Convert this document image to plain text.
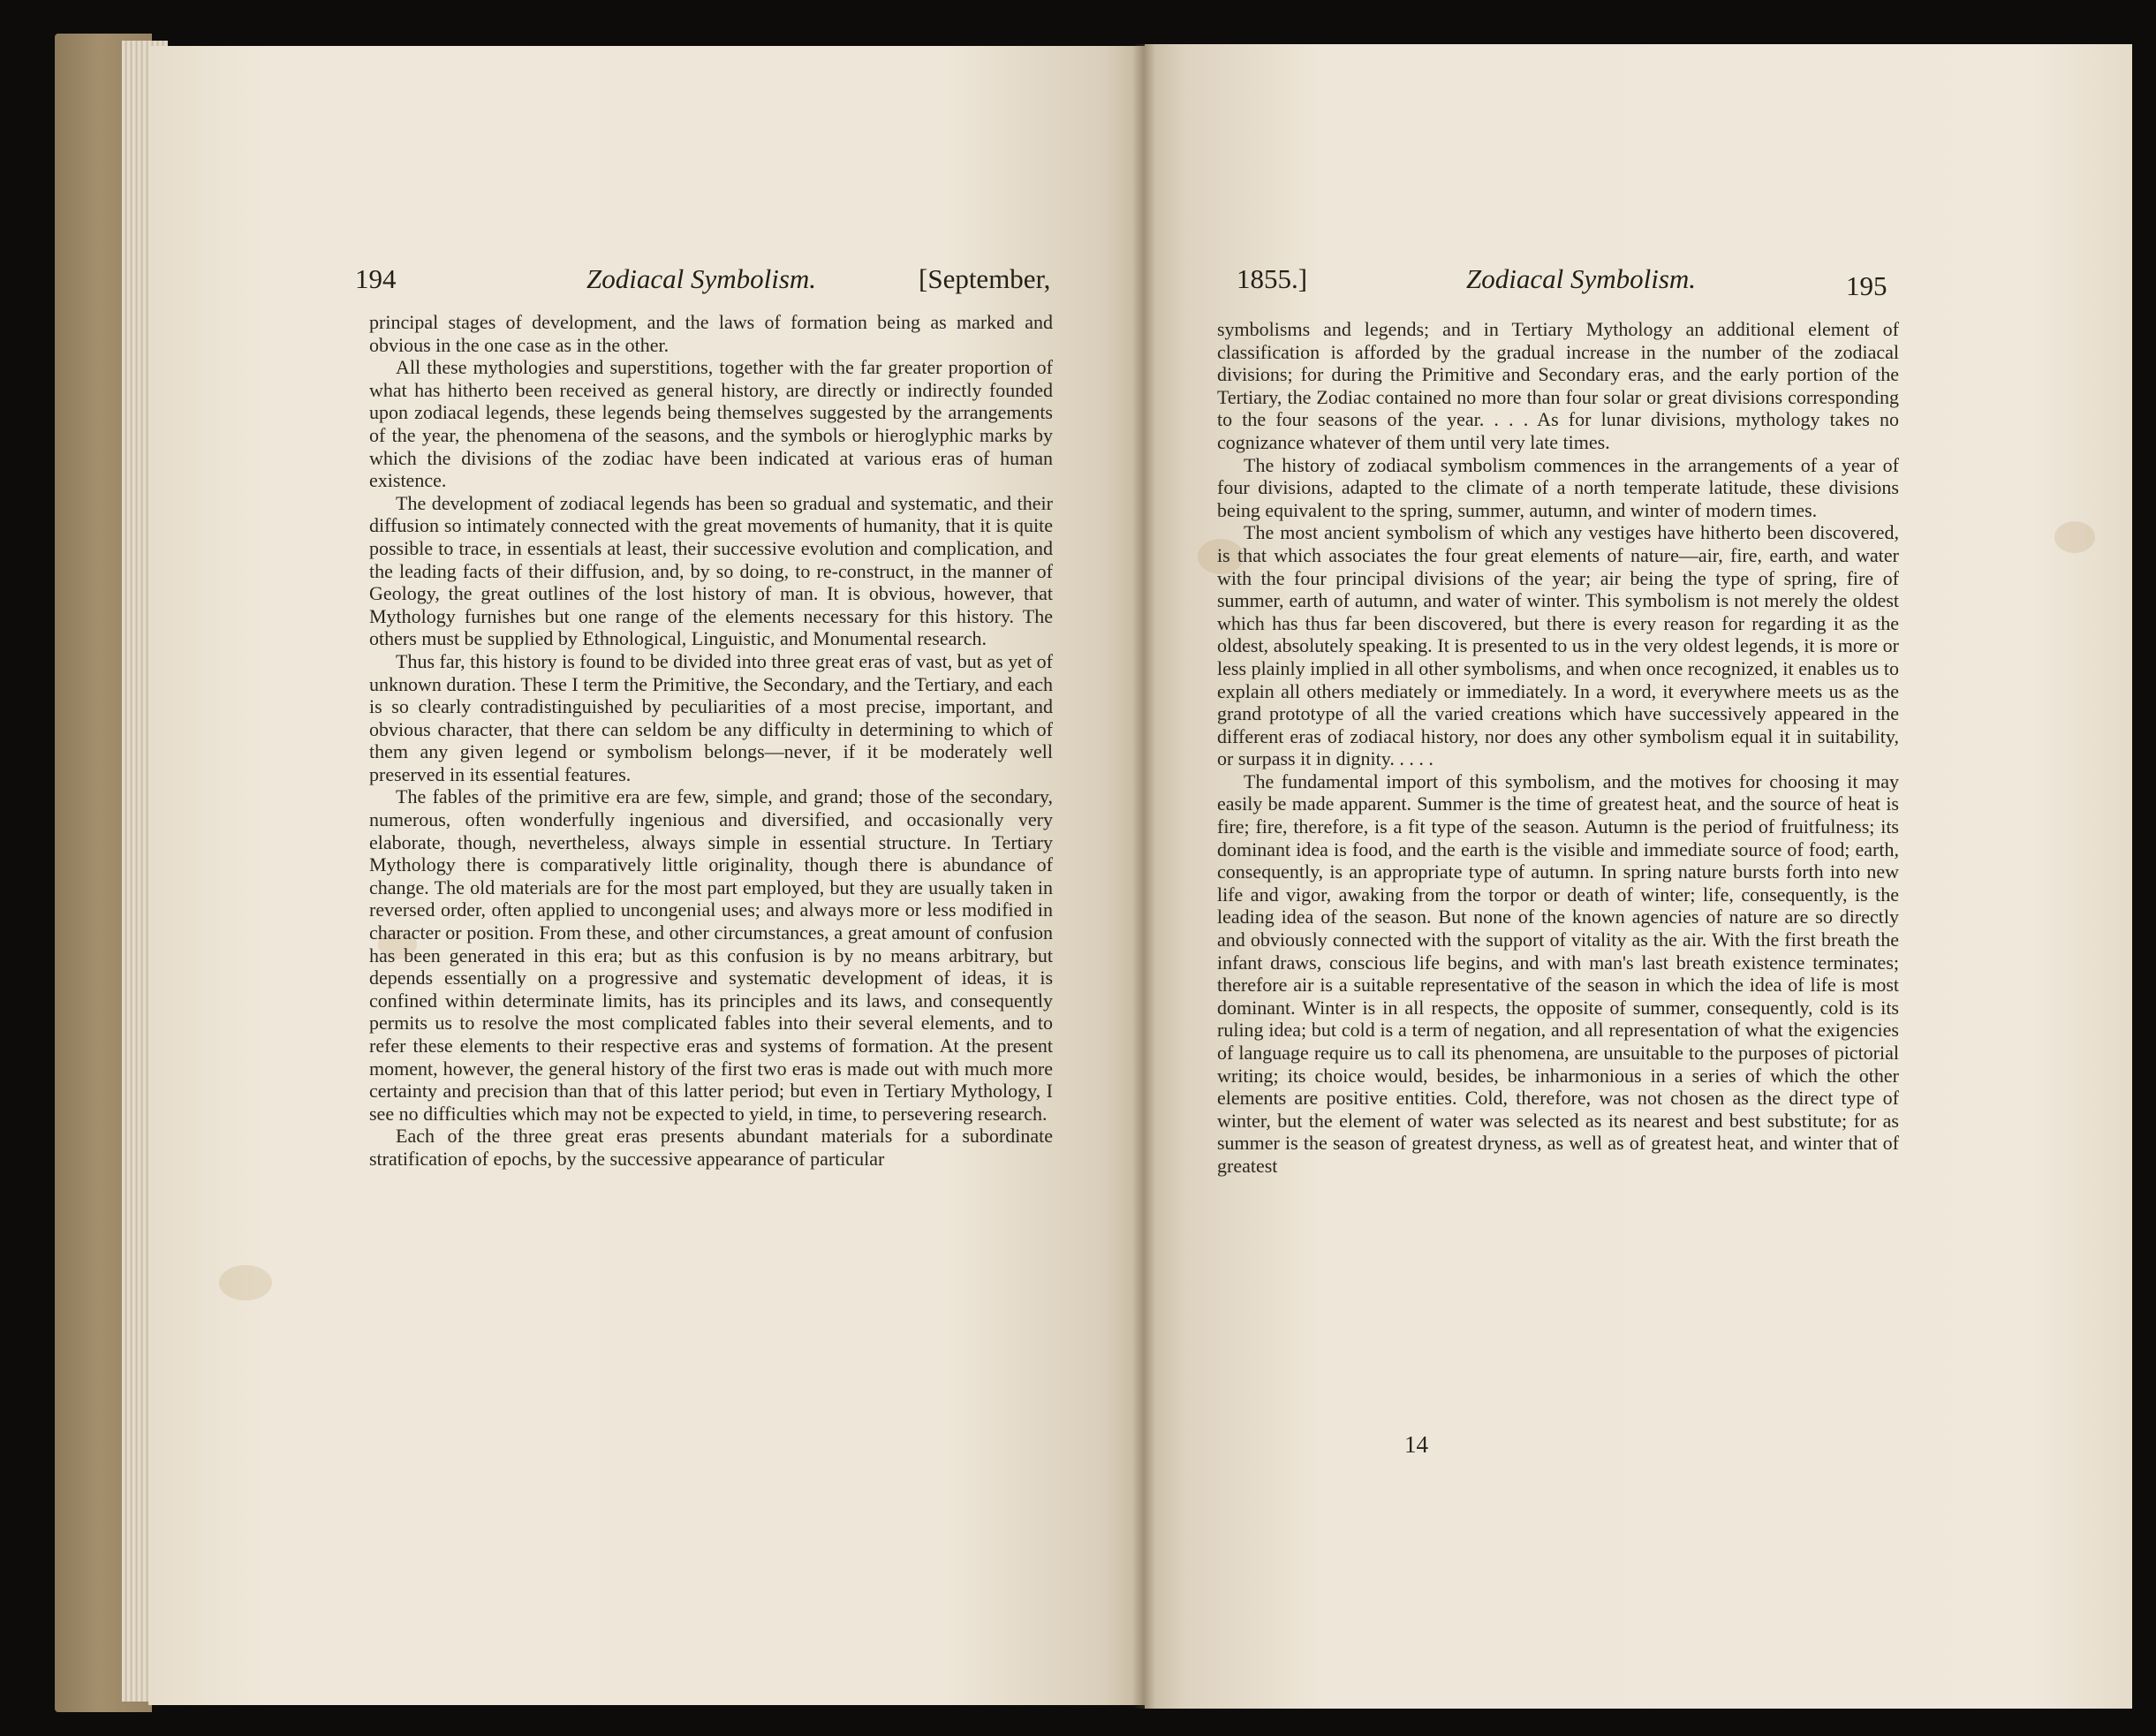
194	Zodiacal Symbolism.	[September,

principal stages of development, and the laws of formation being as marked and obvious in the one case as in the other.

All these mythologies and superstitions, together with the far greater proportion of what has hitherto been received as general history, are directly or indirectly founded upon zodiacal legends, these legends being themselves suggested by the arrangements of the year, the phenomena of the seasons, and the symbols or hieroglyphic marks by which the divisions of the zodiac have been indicated at various eras of human existence.

The development of zodiacal legends has been so gradual and systematic, and their diffusion so intimately connected with the great movements of humanity, that it is quite possible to trace, in essentials at least, their successive evolution and complication, and the leading facts of their diffusion, and, by so doing, to re-construct, in the manner of Geology, the great outlines of the lost history of man. It is obvious, however, that Mythology furnishes but one range of the elements necessary for this history. The others must be supplied by Ethnological, Linguistic, and Monumental research.

Thus far, this history is found to be divided into three great eras of vast, but as yet of unknown duration. These I term the Primitive, the Secondary, and the Tertiary, and each is so clearly contradistinguished by peculiarities of a most precise, important, and obvious character, that there can seldom be any difficulty in determining to which of them any given legend or symbolism belongs—never, if it be moderately well preserved in its essential features.

The fables of the primitive era are few, simple, and grand; those of the secondary, numerous, often wonderfully ingenious and diversified, and occasionally very elaborate, though, nevertheless, always simple in essential structure. In Tertiary Mythology there is comparatively little originality, though there is abundance of change. The old materials are for the most part employed, but they are usually taken in reversed order, often applied to uncongenial uses; and always more or less modified in character or position. From these, and other circumstances, a great amount of confusion has been generated in this era; but as this confusion is by no means arbitrary, but depends essentially on a progressive and systematic development of ideas, it is confined within determinate limits, has its principles and its laws, and consequently permits us to resolve the most complicated fables into their several elements, and to refer these elements to their respective eras and systems of formation. At the present moment, however, the general history of the first two eras is made out with much more certainty and precision than that of this latter period; but even in Tertiary Mythology, I see no difficulties which may not be expected to yield, in time, to persevering research.

Each of the three great eras presents abundant materials for a subordinate stratification of epochs, by the successive appearance of particular

1855.]	Zodiacal Symbolism.	195

symbolisms and legends; and in Tertiary Mythology an additional element of classification is afforded by the gradual increase in the number of the zodiacal divisions; for during the Primitive and Secondary eras, and the early portion of the Tertiary, the Zodiac contained no more than four solar or great divisions corresponding to the four seasons of the year. . . . As for lunar divisions, mythology takes no cognizance whatever of them until very late times.

The history of zodiacal symbolism commences in the arrangements of a year of four divisions, adapted to the climate of a north temperate latitude, these divisions being equivalent to the spring, summer, autumn, and winter of modern times.

The most ancient symbolism of which any vestiges have hitherto been discovered, is that which associates the four great elements of nature—air, fire, earth, and water with the four principal divisions of the year; air being the type of spring, fire of summer, earth of autumn, and water of winter. This symbolism is not merely the oldest which has thus far been discovered, but there is every reason for regarding it as the oldest, absolutely speaking. It is presented to us in the very oldest legends, it is more or less plainly implied in all other symbolisms, and when once recognized, it enables us to explain all others mediately or immediately. In a word, it everywhere meets us as the grand prototype of all the varied creations which have successively appeared in the different eras of zodiacal history, nor does any other symbolism equal it in suitability, or surpass it in dignity. . . . .

The fundamental import of this symbolism, and the motives for choosing it may easily be made apparent. Summer is the time of greatest heat, and the source of heat is fire; fire, therefore, is a fit type of the season. Autumn is the period of fruitfulness; its dominant idea is food, and the earth is the visible and immediate source of food; earth, consequently, is an appropriate type of autumn. In spring nature bursts forth into new life and vigor, awaking from the torpor or death of winter; life, consequently, is the leading idea of the season. But none of the known agencies of nature are so directly and obviously connected with the support of vitality as the air. With the first breath the infant draws, conscious life begins, and with man's last breath existence terminates; therefore air is a suitable representative of the season in which the idea of life is most dominant. Winter is in all respects, the opposite of summer, consequently, cold is its ruling idea; but cold is a term of negation, and all representation of what the exigencies of language require us to call its phenomena, are unsuitable to the purposes of pictorial writing; its choice would, besides, be inharmonious in a series of which the other elements are positive entities. Cold, therefore, was not chosen as the direct type of winter, but the element of water was selected as its nearest and best substitute; for as summer is the season of greatest dryness, as well as of greatest heat, and winter that of greatest

14
